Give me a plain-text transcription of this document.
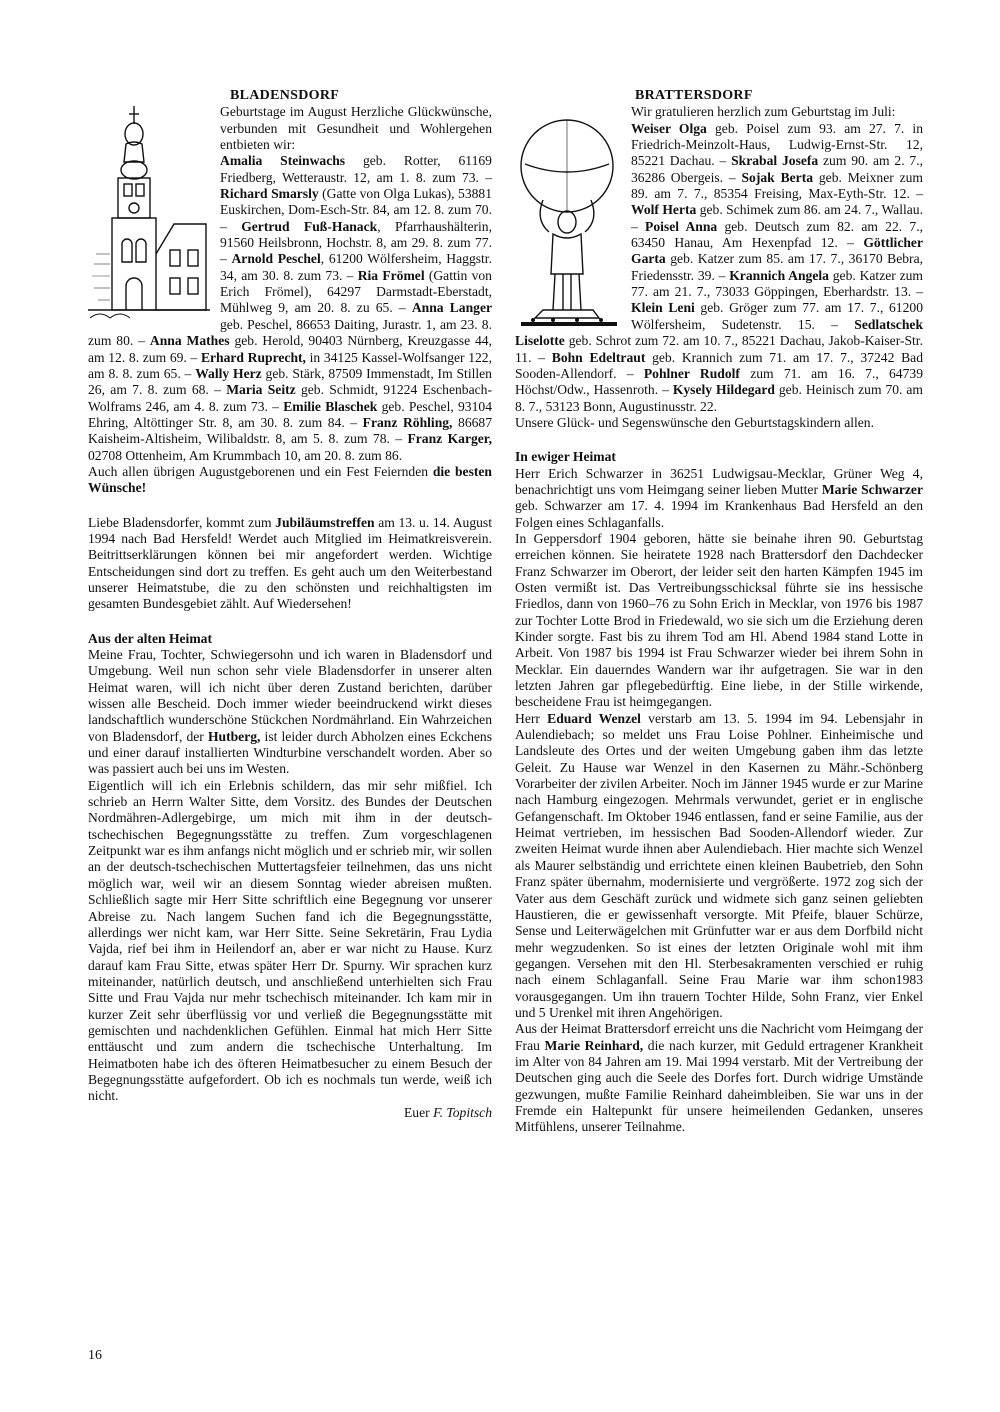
BLADENSDORF

Geburtstage im August Herzliche Glückwünsche, verbunden mit Gesundheit und Wohlergehen entbieten wir:

Amalia Steinwachs geb. Rotter, 61169 Friedberg, Wetteraustr. 12, am 1. 8. zum 73. – Richard Smarsly (Gatte von Olga Lukas), 53881 Euskirchen, Dom-Esch-Str. 84, am 12. 8. zum 70. – Gertrud Fuß-Hanack, Pfarrhaushälterin, 91560 Heilsbronn, Hochstr. 8, am 29. 8. zum 77. – Arnold Peschel, 61200 Wölfersheim, Haggstr. 34, am 30. 8. zum 73. – Ria Frömel (Gattin von Erich Frömel), 64297 Darmstadt-Eberstadt, Mühlweg 9, am 20. 8. zu 65. – Anna Langer geb. Peschel, 86653 Daiting, Jurastr. 1, am 23. 8. zum 80. – Anna Mathes geb. Herold, 90403 Nürnberg, Kreuzgasse 44, am 12. 8. zum 69. – Erhard Ruprecht, in 34125 Kassel-Wolfsanger 122, am 8. 8. zum 65. – Wally Herz geb. Stärk, 87509 Immenstadt, Im Stillen 26, am 7. 8. zum 68. – Maria Seitz geb. Schmidt, 91224 Eschenbach-Wolframs 246, am 4. 8. zum 73. – Emilie Blaschek geb. Peschel, 93104 Ehring, Altöttinger Str. 8, am 30. 8. zum 84. – Franz Röhling, 86687 Kaisheim-Altisheim, Wilibaldstr. 8, am 5. 8. zum 78. – Franz Karger, 02708 Ottenheim, Am Krummbach 10, am 20. 8. zum 86.

Auch allen übrigen Augustgeborenen und ein Fest Feiernden die besten Wünsche!

Liebe Bladensdorfer, kommt zum Jubiläumstreffen am 13. u. 14. August 1994 nach Bad Hersfeld! Werdet auch Mitglied im Heimatkreisverein. Beitrittserklärungen können bei mir angefordert werden. Wichtige Entscheidungen sind dort zu treffen. Es geht auch um den Weiterbestand unserer Heimatstube, die zu den schönsten und reichhaltigsten im gesamten Bundesgebiet zählt. Auf Wiedersehen!

Aus der alten Heimat

Meine Frau, Tochter, Schwiegersohn und ich waren in Bladensdorf und Umgebung. Weil nun schon sehr viele Bladensdorfer in unserer alten Heimat waren, will ich nicht über deren Zustand berichten, darüber wissen alle Bescheid. Doch immer wieder beeindruckend wirkt dieses landschaftlich wunderschöne Stückchen Nordmährland. Ein Wahrzeichen von Bladensdorf, der Hutberg, ist leider durch Abholzen eines Eckchens und einer darauf installierten Windturbine verschandelt worden. Aber so was passiert auch bei uns im Westen.

Eigentlich will ich ein Erlebnis schildern, das mir sehr mißfiel. Ich schrieb an Herrn Walter Sitte, dem Vorsitz. des Bundes der Deutschen Nordmähren-Adlergebirge, um mich mit ihm in der deutsch-tschechischen Begegnungsstätte zu treffen. Zum vorgeschlagenen Zeitpunkt war es ihm anfangs nicht möglich und er schrieb mir, wir sollen an der deutsch-tschechischen Muttertagsfeier teilnehmen, das uns nicht möglich war, weil wir an diesem Sonntag wieder abreisen mußten. Schließlich sagte mir Herr Sitte schriftlich eine Begegnung vor unserer Abreise zu. Nach langem Suchen fand ich die Begegnungsstätte, allerdings wer nicht kam, war Herr Sitte. Seine Sekretärin, Frau Lydia Vajda, rief bei ihm in Heilendorf an, aber er war nicht zu Hause. Kurz darauf kam Frau Sitte, etwas später Herr Dr. Spurny. Wir sprachen kurz miteinander, natürlich deutsch, und anschließend unterhielten sich Frau Sitte und Frau Vajda nur mehr tschechisch miteinander. Ich kam mir in kurzer Zeit sehr überflüssig vor und verließ die Begegnungsstätte mit gemischten und nachdenklichen Gefühlen. Einmal hat mich Herr Sitte enttäuscht und zum andern die tschechische Unterhaltung. Im Heimatboten habe ich des öfteren Heimatbesucher zu einem Besuch der Begegnungsstätte aufgefordert. Ob ich es nochmals tun werde, weiß ich nicht.

Euer F. Topitsch

BRATTERSDORF

Wir gratulieren herzlich zum Geburtstag im Juli:

Weiser Olga geb. Poisel zum 93. am 27. 7. in Friedrich-Meinzolt-Haus, Ludwig-Ernst-Str. 12, 85221 Dachau. – Skrabal Josefa zum 90. am 2. 7., 36286 Obergeis. – Sojak Berta geb. Meixner zum 89. am 7. 7., 85354 Freising, Max-Eyth-Str. 12. – Wolf Herta geb. Schimek zum 86. am 24. 7., Wallau. – Poisel Anna geb. Deutsch zum 82. am 22. 7., 63450 Hanau, Am Hexenpfad 12. – Göttlicher Garta geb. Katzer zum 85. am 17. 7., 36170 Bebra, Friedensstr. 39. – Krannich Angela geb. Katzer zum 77. am 21. 7., 73033 Göppingen, Eberhardstr. 13. – Klein Leni geb. Gröger zum 77. am 17. 7., 61200 Wölfersheim, Sudetenstr. 15. – Sedlatschek Liselotte geb. Schrot zum 72. am 10. 7., 85221 Dachau, Jakob-Kaiser-Str. 11. – Bohn Edeltraut geb. Krannich zum 71. am 17. 7., 37242 Bad Sooden-Allendorf. – Pohlner Rudolf zum 71. am 16. 7., 64739 Höchst/Odw., Hassenroth. – Kysely Hildegard geb. Heinisch zum 70. am 8. 7., 53123 Bonn, Augustinusstr. 22.

Unsere Glück- und Segenswünsche den Geburtstagskindern allen.

In ewiger Heimat

Herr Erich Schwarzer in 36251 Ludwigsau-Mecklar, Grüner Weg 4, benachrichtigt uns vom Heimgang seiner lieben Mutter Marie Schwarzer geb. Schwarzer am 17. 4. 1994 im Krankenhaus Bad Hersfeld an den Folgen eines Schlaganfalls.

In Geppersdorf 1904 geboren, hätte sie beinahe ihren 90. Geburtstag erreichen können. Sie heiratete 1928 nach Brattersdorf den Dachdecker Franz Schwarzer im Oberort, der leider seit den harten Kämpfen 1945 im Osten vermißt ist. Das Vertreibungsschicksal führte sie ins hessische Friedlos, dann von 1960–76 zu Sohn Erich in Mecklar, von 1976 bis 1987 zur Tochter Lotte Brod in Friedewald, wo sie sich um die Erziehung deren Kinder sorgte. Fast bis zu ihrem Tod am Hl. Abend 1984 stand Lotte in Arbeit. Von 1987 bis 1994 ist Frau Schwarzer wieder bei ihrem Sohn in Mecklar. Ein dauerndes Wandern war ihr aufgetragen. Sie war in den letzten Jahren gar pflegebedürftig. Eine liebe, in der Stille wirkende, bescheidene Frau ist heimgegangen.

Herr Eduard Wenzel verstarb am 13. 5. 1994 im 94. Lebensjahr in Aulendiebach; so meldet uns Frau Loise Pohlner. Einheimische und Landsleute des Ortes und der weiten Umgebung gaben ihm das letzte Geleit. Zu Hause war Wenzel in den Kasernen zu Mähr.-Schönberg Vorarbeiter der zivilen Arbeiter. Noch im Jänner 1945 wurde er zur Marine nach Hamburg eingezogen. Mehrmals verwundet, geriet er in englische Gefangenschaft. Im Oktober 1946 entlassen, fand er seine Familie, aus der Heimat vertrieben, im hessischen Bad Sooden-Allendorf wieder. Zur zweiten Heimat wurde ihnen aber Aulendiebach. Hier machte sich Wenzel als Maurer selbständig und errichtete einen kleinen Baubetrieb, den Sohn Franz später übernahm, modernisierte und vergrößerte. 1972 zog sich der Vater aus dem Geschäft zurück und widmete sich ganz seinen geliebten Haustieren, die er gewissenhaft versorgte. Mit Pfeife, blauer Schürze, Sense und Leiterwägelchen mit Grünfutter war er aus dem Dorfbild nicht mehr wegzudenken. So ist eines der letzten Originale wohl mit ihm gegangen. Versehen mit den Hl. Sterbesakramenten verschied er ruhig nach einem Schlaganfall. Seine Frau Marie war ihm schon1983 vorausgegangen. Um ihn trauern Tochter Hilde, Sohn Franz, vier Enkel und 5 Urenkel mit ihren Angehörigen.

Aus der Heimat Brattersdorf erreicht uns die Nachricht vom Heimgang der Frau Marie Reinhard, die nach kurzer, mit Geduld ertragener Krankheit im Alter von 84 Jahren am 19. Mai 1994 verstarb. Mit der Vertreibung der Deutschen ging auch die Seele des Dorfes fort. Durch widrige Umstände gezwungen, mußte Familie Reinhard daheimbleiben. Sie war uns in der Fremde ein Haltepunkt für unsere heimeilenden Gedanken, unseres Mitfühlens, unserer Teilnahme.

16
